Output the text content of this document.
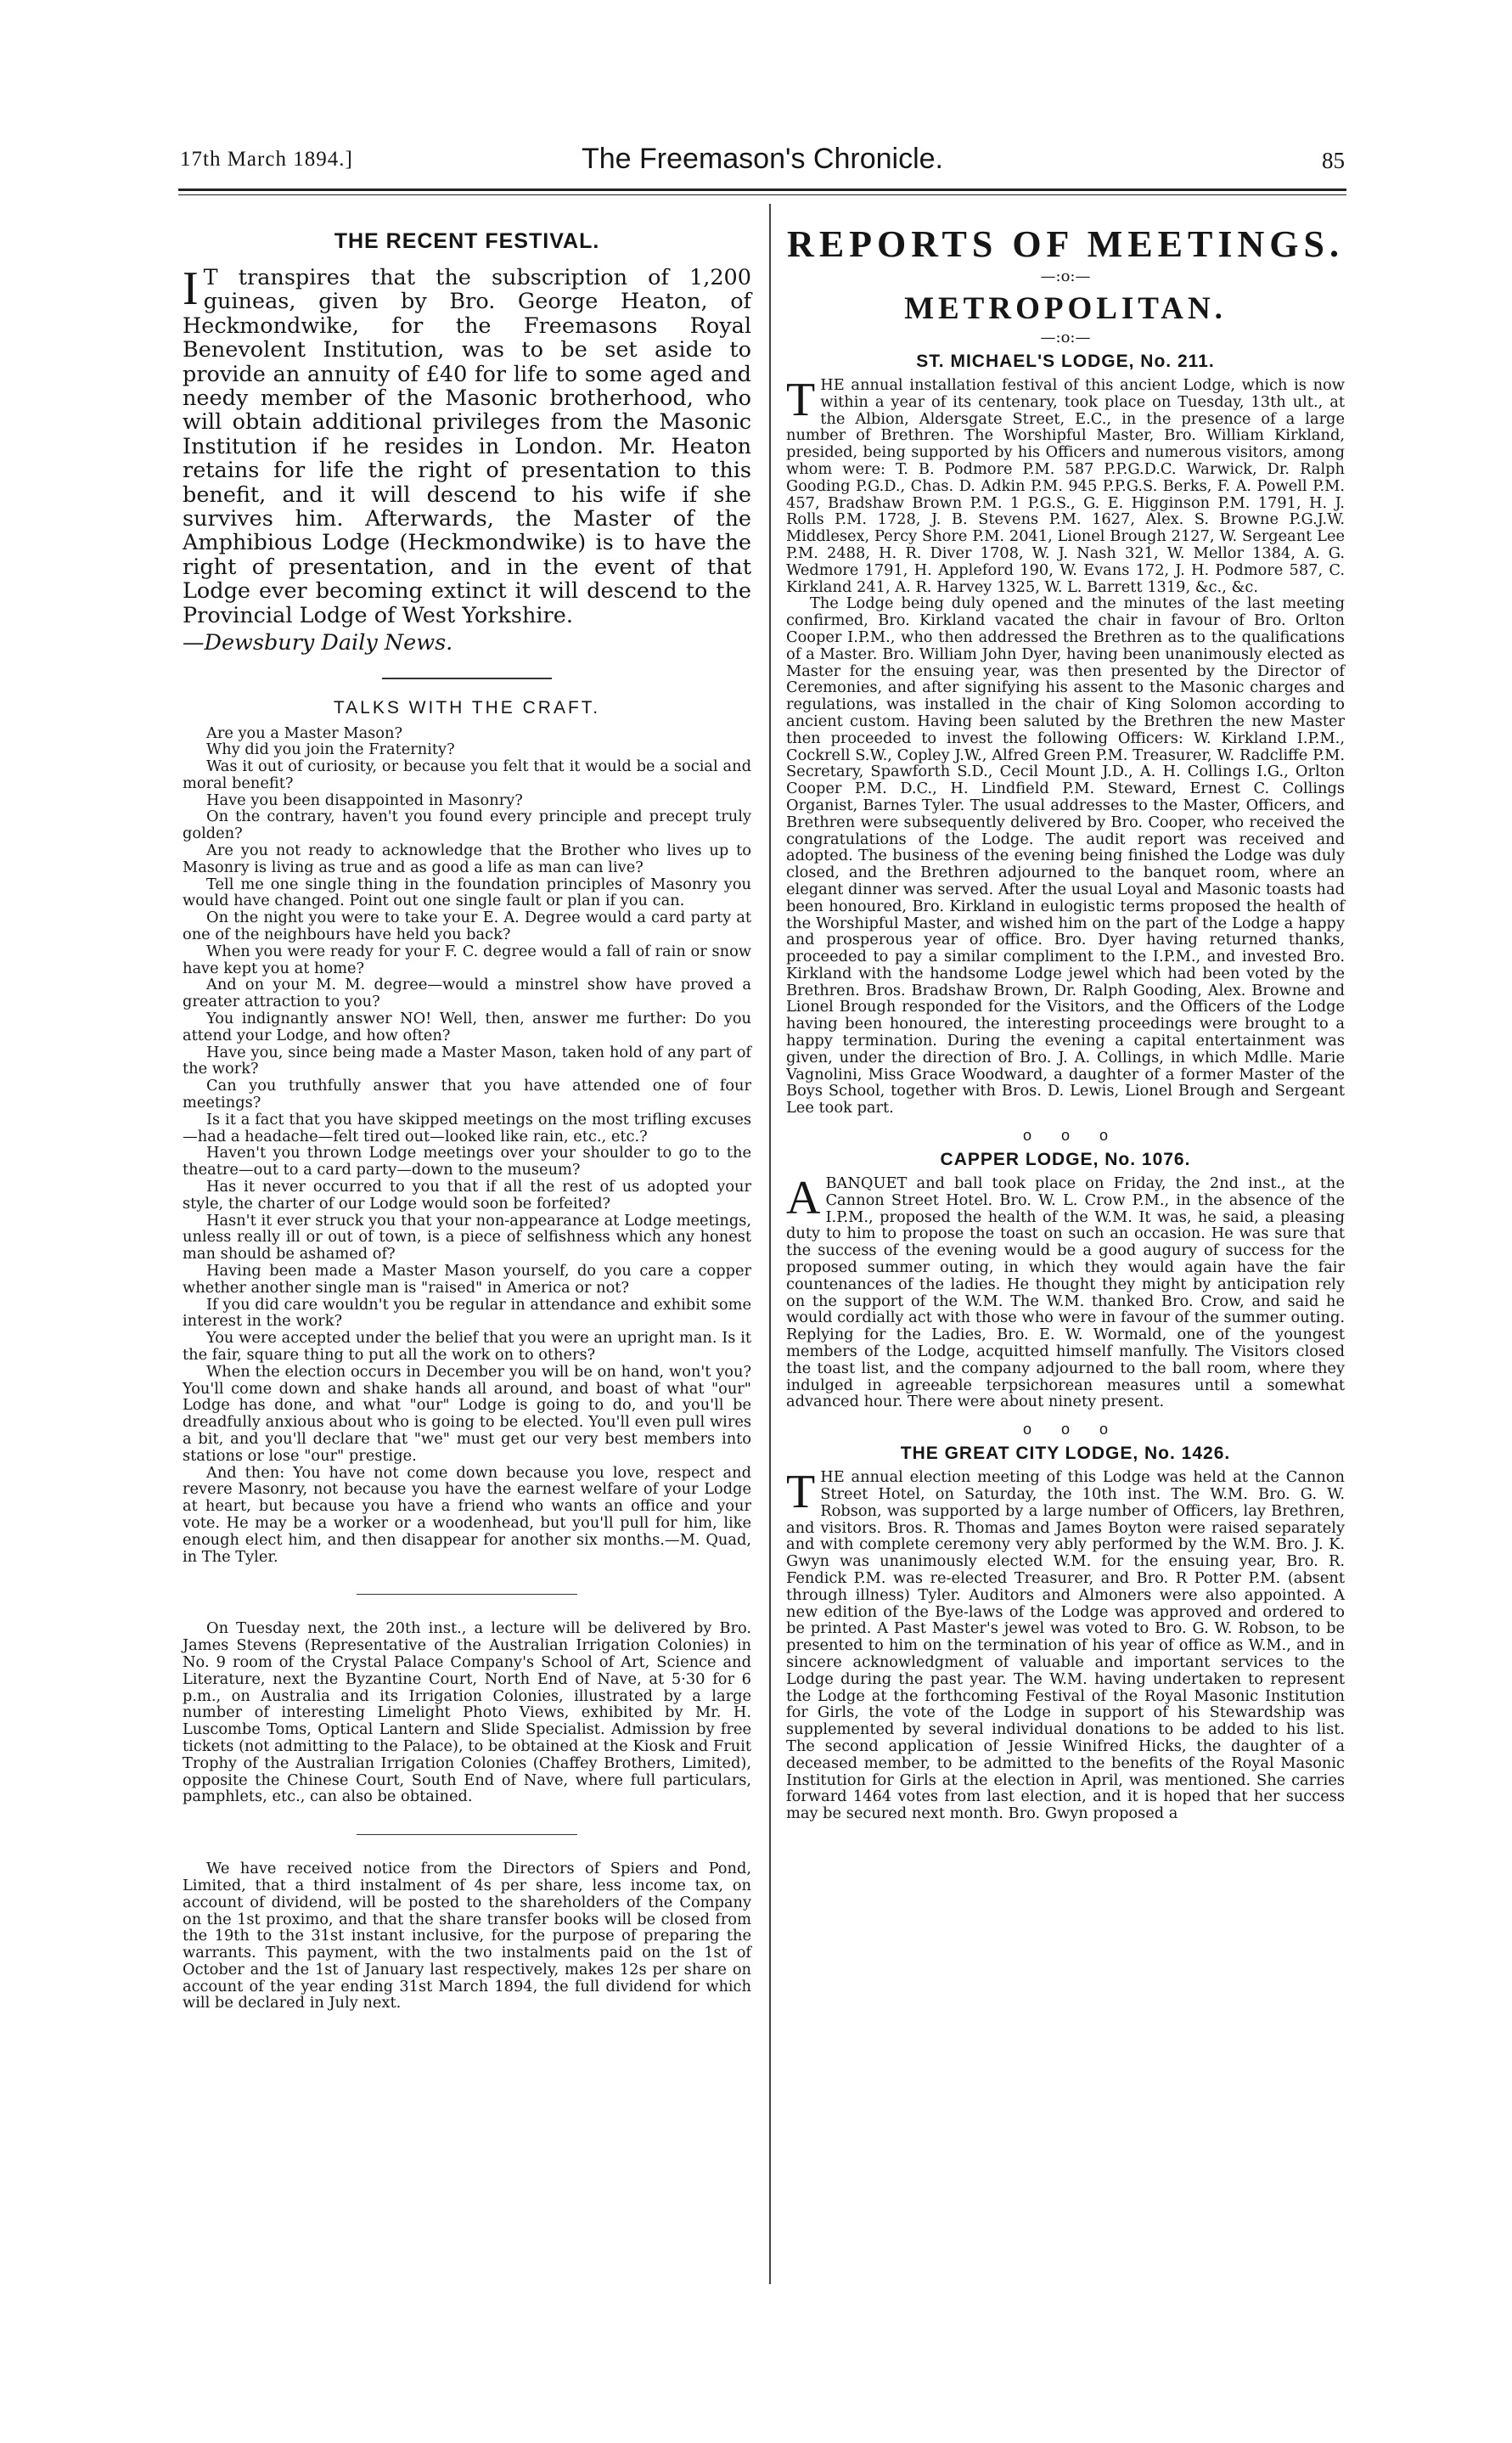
17th March 1894.]	The Freemason's Chronicle.	85
THE RECENT FESTIVAL.

I T transpires that the subscription of 1,200 guineas, given by Bro. George Heaton, of Heckmondwike, for the Freemasons Royal Benevolent Institution, was to be set aside to provide an annuity of £40 for life to some aged and needy member of the Masonic brotherhood, who will obtain additional privileges from the Masonic Institution if he resides in London. Mr. Heaton retains for life the right of presentation to this benefit, and it will descend to his wife if she survives him. Afterwards, the Master of the Amphibious Lodge (Heckmondwike) is to have the right of presentation, and in the event of that Lodge ever becoming extinct it will descend to the Provincial Lodge of West Yorkshire.

—Dewsbury Daily News.

TALKS WITH THE CRAFT.

Are you a Master Mason?

Why did you join the Fraternity?

Was it out of curiosity, or because you felt that it would be a social and moral benefit?

Have you been disappointed in Masonry?

On the contrary, haven't you found every principle and precept truly golden?

Are you not ready to acknowledge that the Brother who lives up to Masonry is living as true and as good a life as man can live?

Tell me one single thing in the foundation principles of Masonry you would have changed. Point out one single fault or plan if you can.

On the night you were to take your E. A. Degree would a card party at one of the neighbours have held you back?

When you were ready for your F. C. degree would a fall of rain or snow have kept you at home?

And on your M. M. degree—would a minstrel show have proved a greater attraction to you?

You indignantly answer NO! Well, then, answer me further: Do you attend your Lodge, and how often?

Have you, since being made a Master Mason, taken hold of any part of the work?

Can you truthfully answer that you have attended one of four meetings?

Is it a fact that you have skipped meetings on the most trifling excuses—had a headache—felt tired out—looked like rain, etc., etc.?

Haven't you thrown Lodge meetings over your shoulder to go to the theatre—out to a card party—down to the museum?

Has it never occurred to you that if all the rest of us adopted your style, the charter of our Lodge would soon be forfeited?

Hasn't it ever struck you that your non-appearance at Lodge meetings, unless really ill or out of town, is a piece of selfishness which any honest man should be ashamed of?

Having been made a Master Mason yourself, do you care a copper whether another single man is "raised" in America or not?

If you did care wouldn't you be regular in attendance and exhibit some interest in the work?

You were accepted under the belief that you were an upright man. Is it the fair, square thing to put all the work on to others?

When the election occurs in December you will be on hand, won't you? You'll come down and shake hands all around, and boast of what "our" Lodge has done, and what "our" Lodge is going to do, and you'll be dreadfully anxious about who is going to be elected. You'll even pull wires a bit, and you'll declare that "we" must get our very best members into stations or lose "our" prestige.

And then: You have not come down because you love, respect and revere Masonry, not because you have the earnest welfare of your Lodge at heart, but because you have a friend who wants an office and your vote. He may be a worker or a woodenhead, but you'll pull for him, like enough elect him, and then disappear for another six months.—M. Quad, in The Tyler.

On Tuesday next, the 20th inst., a lecture will be delivered by Bro. James Stevens (Representative of the Australian Irrigation Colonies) in No. 9 room of the Crystal Palace Company's School of Art, Science and Literature, next the Byzantine Court, North End of Nave, at 5·30 for 6 p.m., on Australia and its Irrigation Colonies, illustrated by a large number of interesting Limelight Photo Views, exhibited by Mr. H. Luscombe Toms, Optical Lantern and Slide Specialist. Admission by free tickets (not admitting to the Palace), to be obtained at the Kiosk and Fruit Trophy of the Australian Irrigation Colonies (Chaffey Brothers, Limited), opposite the Chinese Court, South End of Nave, where full particulars, pamphlets, etc., can also be obtained.

We have received notice from the Directors of Spiers and Pond, Limited, that a third instalment of 4s per share, less income tax, on account of dividend, will be posted to the shareholders of the Company on the 1st proximo, and that the share transfer books will be closed from the 19th to the 31st instant inclusive, for the purpose of preparing the warrants. This payment, with the two instalments paid on the 1st of October and the 1st of January last respectively, makes 12s per share on account of the year ending 31st March 1894, the full dividend for which will be declared in July next.

REPORTS OF MEETINGS.
—:o:—
METROPOLITAN.
—:o:—
ST. MICHAEL'S LODGE, No. 211.

THE annual installation festival of this ancient Lodge, which is now within a year of its centenary, took place on Tuesday, 13th ult., at the Albion, Aldersgate Street, E.C., in the presence of a large number of Brethren. The Worshipful Master, Bro. William Kirkland, presided, being supported by his Officers and numerous visitors, among whom were: T. B. Podmore P.M. 587 P.P.G.D.C. Warwick, Dr. Ralph Gooding P.G.D., Chas. D. Adkin P.M. 945 P.P.G.S. Berks, F. A. Powell P.M. 457, Bradshaw Brown P.M. 1 P.G.S., G. E. Higginson P.M. 1791, H. J. Rolls P.M. 1728, J. B. Stevens P.M. 1627, Alex. S. Browne P.G.J.W. Middlesex, Percy Shore P.M. 2041, Lionel Brough 2127, W. Sergeant Lee P.M. 2488, H. R. Diver 1708, W. J. Nash 321, W. Mellor 1384, A. G. Wedmore 1791, H. Appleford 190, W. Evans 172, J. H. Podmore 587, C. Kirkland 241, A. R. Harvey 1325, W. L. Barrett 1319, &c., &c.

The Lodge being duly opened and the minutes of the last meeting confirmed, Bro. Kirkland vacated the chair in favour of Bro. Orlton Cooper I.P.M., who then addressed the Brethren as to the qualifications of a Master. Bro. William John Dyer, having been unanimously elected as Master for the ensuing year, was then presented by the Director of Ceremonies, and after signifying his assent to the Masonic charges and regulations, was installed in the chair of King Solomon according to ancient custom. Having been saluted by the Brethren the new Master then proceeded to invest the following Officers: W. Kirkland I.P.M., Cockrell S.W., Copley J.W., Alfred Green P.M. Treasurer, W. Radcliffe P.M. Secretary, Spawforth S.D., Cecil Mount J.D., A. H. Collings I.G., Orlton Cooper P.M. D.C., H. Lindfield P.M. Steward, Ernest C. Collings Organist, Barnes Tyler. The usual addresses to the Master, Officers, and Brethren were subsequently delivered by Bro. Cooper, who received the congratulations of the Lodge. The audit report was received and adopted. The business of the evening being finished the Lodge was duly closed, and the Brethren adjourned to the banquet room, where an elegant dinner was served. After the usual Loyal and Masonic toasts had been honoured, Bro. Kirkland in eulogistic terms proposed the health of the Worshipful Master, and wished him on the part of the Lodge a happy and prosperous year of office. Bro. Dyer having returned thanks, proceeded to pay a similar compliment to the I.P.M., and invested Bro. Kirkland with the handsome Lodge jewel which had been voted by the Brethren. Bros. Bradshaw Brown, Dr. Ralph Gooding, Alex. Browne and Lionel Brough responded for the Visitors, and the Officers of the Lodge having been honoured, the interesting proceedings were brought to a happy termination. During the evening a capital entertainment was given, under the direction of Bro. J. A. Collings, in which Mdlle. Marie Vagnolini, Miss Grace Woodward, a daughter of a former Master of the Boys School, together with Bros. D. Lewis, Lionel Brough and Sergeant Lee took part.

o o o
CAPPER LODGE, No. 1076.

ABANQUET and ball took place on Friday, the 2nd inst., at the Cannon Street Hotel. Bro. W. L. Crow P.M., in the absence of the I.P.M., proposed the health of the W.M. It was, he said, a pleasing duty to him to propose the toast on such an occasion. He was sure that the success of the evening would be a good augury of success for the proposed summer outing, in which they would again have the fair countenances of the ladies. He thought they might by anticipation rely on the support of the W.M. The W.M. thanked Bro. Crow, and said he would cordially act with those who were in favour of the summer outing. Replying for the Ladies, Bro. E. W. Wormald, one of the youngest members of the Lodge, acquitted himself manfully. The Visitors closed the toast list, and the company adjourned to the ball room, where they indulged in agreeable terpsichorean measures until a somewhat advanced hour. There were about ninety present.

o o o
THE GREAT CITY LODGE, No. 1426.

THE annual election meeting of this Lodge was held at the Cannon Street Hotel, on Saturday, the 10th inst. The W.M. Bro. G. W. Robson, was supported by a large number of Officers, lay Brethren, and visitors. Bros. R. Thomas and James Boyton were raised separately and with complete ceremony very ably performed by the W.M. Bro. J. K. Gwyn was unanimously elected W.M. for the ensuing year, Bro. R. Fendick P.M. was re-elected Treasurer, and Bro. R Potter P.M. (absent through illness) Tyler. Auditors and Almoners were also appointed. A new edition of the Bye-laws of the Lodge was approved and ordered to be printed. A Past Master's jewel was voted to Bro. G. W. Robson, to be presented to him on the termination of his year of office as W.M., and in sincere acknowledgment of valuable and important services to the Lodge during the past year. The W.M. having undertaken to represent the Lodge at the forthcoming Festival of the Royal Masonic Institution for Girls, the vote of the Lodge in support of his Stewardship was supplemented by several individual donations to be added to his list. The second application of Jessie Winifred Hicks, the daughter of a deceased member, to be admitted to the benefits of the Royal Masonic Institution for Girls at the election in April, was mentioned. She carries forward 1464 votes from last election, and it is hoped that her success may be secured next month. Bro. Gwyn proposed a
